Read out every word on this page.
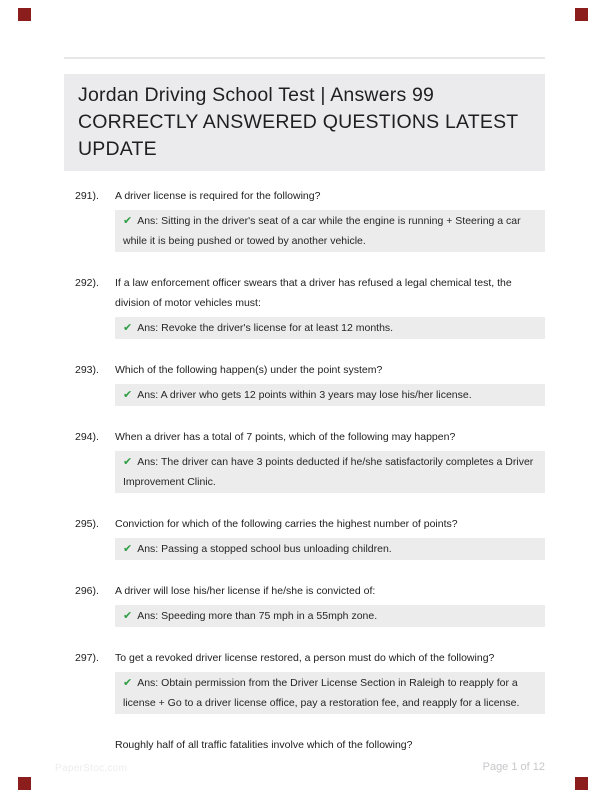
Jordan Driving School Test | Answers 99
CORRECTLY ANSWERED QUESTIONS LATEST
UPDATE
291).	A driver license is required for the following?
✔ Ans: Sitting in the driver's seat of a car while the engine is running + Steering a car while it is being pushed or towed by another vehicle.
292).	If a law enforcement officer swears that a driver has refused a legal chemical test, the division of motor vehicles must:
✔ Ans: Revoke the driver's license for at least 12 months.
293).	Which of the following happen(s) under the point system?
✔ Ans: A driver who gets 12 points within 3 years may lose his/her license.
294).	When a driver has a total of 7 points, which of the following may happen?
✔ Ans: The driver can have 3 points deducted if he/she satisfactorily completes a Driver Improvement Clinic.
295).	Conviction for which of the following carries the highest number of points?
✔ Ans: Passing a stopped school bus unloading children.
296).	A driver will lose his/her license if he/she is convicted of:
✔ Ans: Speeding more than 75 mph in a 55mph zone.
297).	To get a revoked driver license restored, a person must do which of the following?
✔ Ans: Obtain permission from the Driver License Section in Raleigh to reapply for a license + Go to a driver license office, pay a restoration fee, and reapply for a license.
Roughly half of all traffic fatalities involve which of the following?
PaperStoc.com	Page 1 of 12
